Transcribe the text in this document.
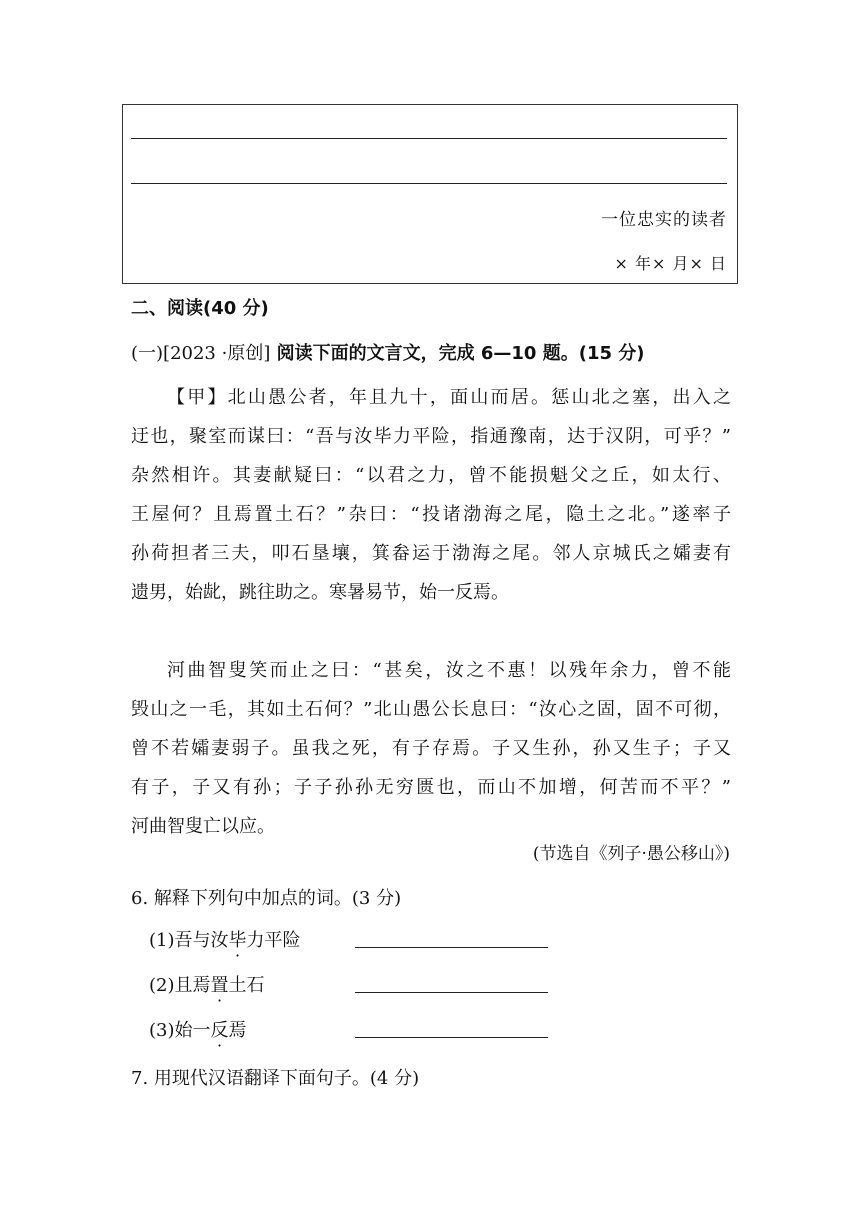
一位忠实的读者
× 年× 月× 日
二、阅读(40 分)
(一)[2023 ·原创] 阅读下面的文言文，完成 6—10 题。(15 分)

【甲】北山愚公者，年且九十，面山而居。惩山北之塞，出入之

迂也，聚室而谋曰：“吾与汝毕力平险，指通豫南，达于汉阴，可乎？”

杂然相许。其妻献疑曰：“以君之力，曾不能损魁父之丘，如太行、

王屋何？且焉置土石？”杂曰：“投诸渤海之尾，隐土之北。”遂率子

孙荷担者三夫，叩石垦壤，箕畚运于渤海之尾。邻人京城氏之孀妻有

遗男，始龀，跳往助之。寒暑易节，始一反焉。

河曲智叟笑而止之曰：“甚矣，汝之不惠！以残年余力，曾不能

毁山之一毛，其如土石何？”北山愚公长息曰：“汝心之固，固不可彻，

曾不若孀妻弱子。虽我之死，有子存焉。子又生孙，孙又生子；子又

有子，子又有孙；子子孙孙无穷匮也，而山不加增，何苦而不平？”

河曲智叟亡以应。

(节选自《列子·愚公移山》)
6. 解释下列句中加点的词。(3 分)
(1)吾与汝毕力平险
(2)且焉置土石
(3)始一反焉
7. 用现代汉语翻译下面句子。(4 分)
